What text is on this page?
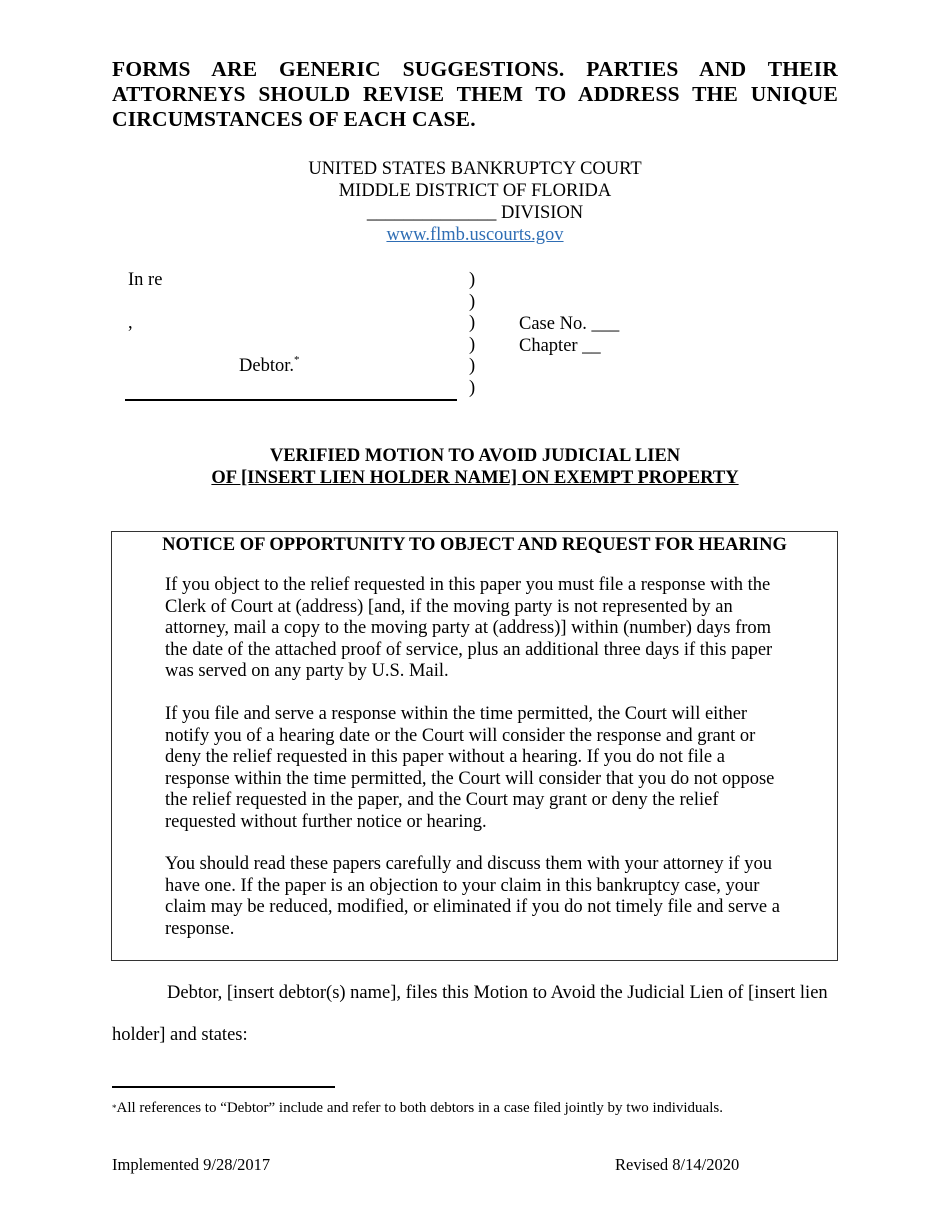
FORMS ARE GENERIC SUGGESTIONS. PARTIES AND THEIR ATTORNEYS SHOULD REVISE THEM TO ADDRESS THE UNIQUE CIRCUMSTANCES OF EACH CASE.
UNITED STATES BANKRUPTCY COURT
MIDDLE DISTRICT OF FLORIDA
______________ DIVISION
www.flmb.uscourts.gov
In re
,
Debtor.*
)
)
)
)
)
)
Case No. ___
Chapter __
VERIFIED MOTION TO AVOID JUDICIAL LIEN
OF [INSERT LIEN HOLDER NAME] ON EXEMPT PROPERTY
NOTICE OF OPPORTUNITY TO OBJECT AND REQUEST FOR HEARING
If you object to the relief requested in this paper you must file a response with the Clerk of Court at (address) [and, if the moving party is not represented by an attorney, mail a copy to the moving party at (address)] within (number) days from the date of the attached proof of service, plus an additional three days if this paper was served on any party by U.S. Mail.
If you file and serve a response within the time permitted, the Court will either notify you of a hearing date or the Court will consider the response and grant or deny the relief requested in this paper without a hearing. If you do not file a response within the time permitted, the Court will consider that you do not oppose the relief requested in the paper, and the Court may grant or deny the relief requested without further notice or hearing.
You should read these papers carefully and discuss them with your attorney if you have one. If the paper is an objection to your claim in this bankruptcy case, your claim may be reduced, modified, or eliminated if you do not timely file and serve a response.
Debtor, [insert debtor(s) name], files this Motion to Avoid the Judicial Lien of [insert lien
holder] and states:
*All references to “Debtor” include and refer to both debtors in a case filed jointly by two individuals.
Implemented 9/28/2017	Revised 8/14/2020
